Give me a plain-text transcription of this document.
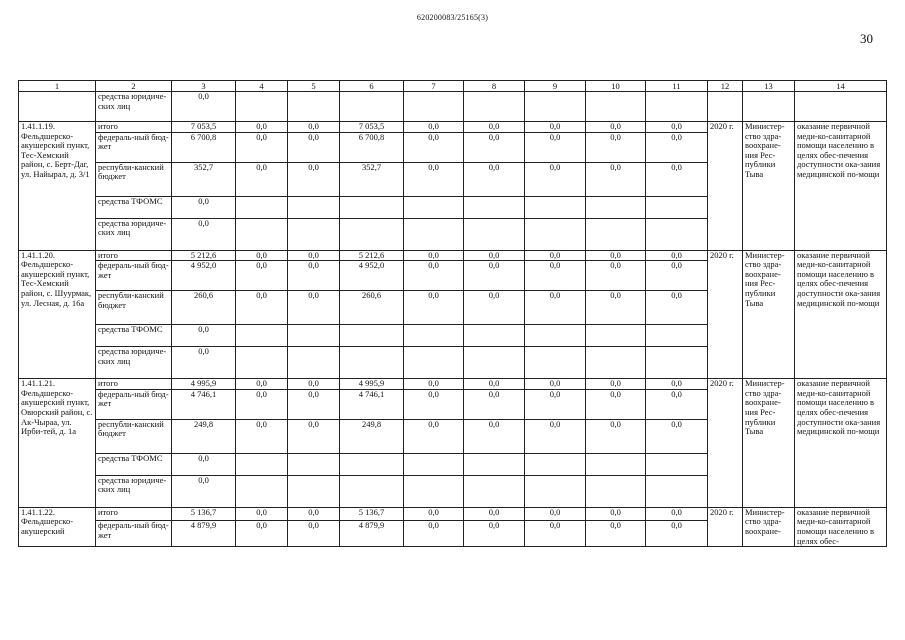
620200083/25165(3)
30
1	2	3	4	5	6	7	8	9	10	11	12	13	14
	средства юридиче-ских лиц	0,0											
1.41.1.19. Фельдшерско-акушерский пункт, Тес-Хемский район, с. Берт-Даг, ул. Найырал, д. 3/1	итого	7 053,5	0,0	0,0	7 053,5	0,0	0,0	0,0	0,0	0,0	2020 г.	Министер-ство здра-воохране-ния Рес-публики Тыва	оказание первичной меди-ко-санитарной помощи населению в целях обес-печения доступности ока-зания медицинской по-мощи
	федераль-ный бюд-жет	6 700,8	0,0	0,0	6 700,8	0,0	0,0	0,0	0,0	0,0			
	республи-канский бюджет	352,7	0,0	0,0	352,7	0,0	0,0	0,0	0,0	0,0			
	средства ТФОМС	0,0											
	средства юридиче-ских лиц	0,0											
1.41.1.20. Фельдшерско-акушерский пункт, Тес-Хемский район, с. Шуурмак, ул. Лесная, д. 16а	итого	5 212,6	0,0	0,0	5 212,6	0,0	0,0	0,0	0,0	0,0	2020 г.	Министер-ство здра-воохране-ния Рес-публики Тыва	оказание первичной меди-ко-санитарной помощи населению в целях обес-печения доступности ока-зания медицинской по-мощи
	федераль-ный бюд-жет	4 952,0	0,0	0,0	4 952,0	0,0	0,0	0,0	0,0	0,0			
	республи-канский бюджет	260,6	0,0	0,0	260,6	0,0	0,0	0,0	0,0	0,0			
	средства ТФОМС	0,0											
	средства юридиче-ских лиц	0,0											
1.41.1.21. Фельдшерско-акушерский пункт, Овюрский район, с. Ак-Чыраа, ул. Ирби-тей, д. 1а	итого	4 995,9	0,0	0,0	4 995,9	0,0	0,0	0,0	0,0	0,0	2020 г.	Министер-ство здра-воохране-ния Рес-публики Тыва	оказание первичной меди-ко-санитарной помощи населению в целях обес-печения доступности ока-зания медицинской по-мощи
	федераль-ный бюд-жет	4 746,1	0,0	0,0	4 746,1	0,0	0,0	0,0	0,0	0,0			
	республи-канский бюджет	249,8	0,0	0,0	249,8	0,0	0,0	0,0	0,0	0,0			
	средства ТФОМС	0,0											
	средства юридиче-ских лиц	0,0											
1.41.1.22. Фельдшерско-акушерский	итого	5 136,7	0,0	0,0	5 136,7	0,0	0,0	0,0	0,0	0,0	2020 г.	Министер-ство здра-воохране-	оказание первичной меди-ко-санитарной помощи населению в целях обес-
	федераль-ный бюд-жет	4 879,9	0,0	0,0	4 879,9	0,0	0,0	0,0	0,0	0,0			
